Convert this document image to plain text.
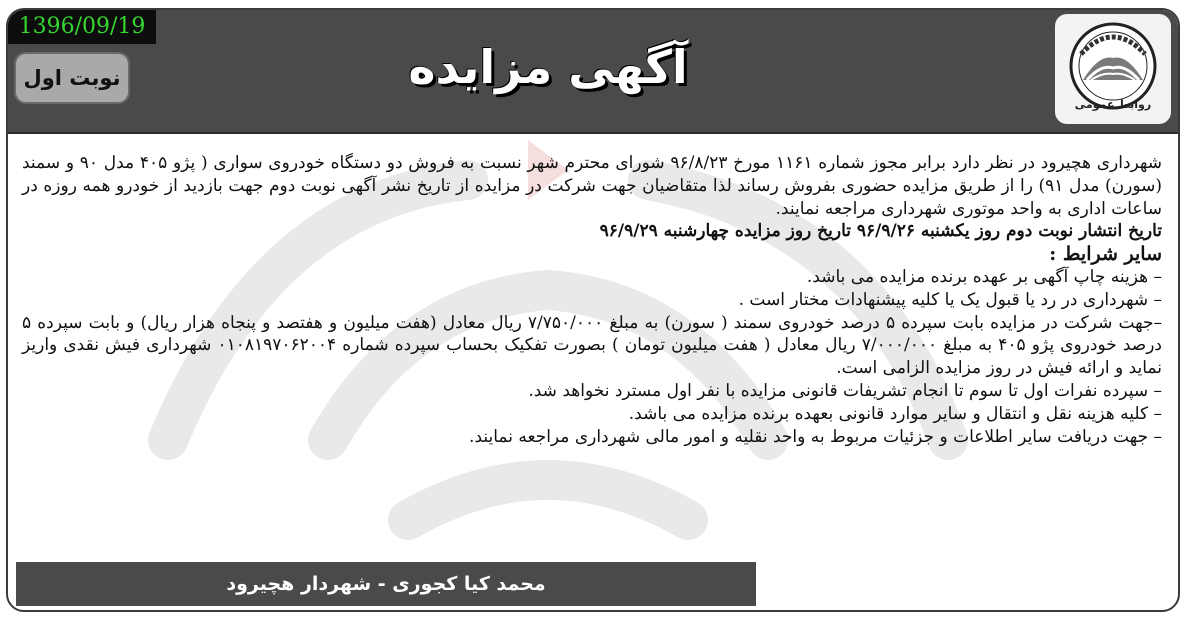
1396/09/19
نوبت اول	آگهی مزایده
روابط عمومی

شهرداری هچیرود در نظر دارد برابر مجوز شماره ۱۱۶۱ مورخ ۹۶/۸/۲۳ شورای محترم شهر نسبت به فروش دو دستگاه خودروی سواری ( پژو ۴۰۵ مدل ۹۰ و سمند (سورن) مدل ۹۱) را از طریق مزایده حضوری بفروش رساند لذا متقاضیان جهت شرکت در مزایده از تاریخ نشر آگهی نوبت دوم جهت بازدید از خودرو همه روزه در ساعات اداری به واحد موتوری شهرداری مراجعه نمایند.

تاریخ انتشار نوبت دوم روز یکشنبه ۹۶/۹/۲۶ تاریخ روز مزایده چهارشنبه ۹۶/۹/۲۹

سایر شرایط :

– هزینه چاپ آگهی بر عهده برنده مزایده می باشد.

– شهرداری در رد یا قبول یک یا کلیه پیشنهادات مختار است .

–جهت شرکت در مزایده بابت سپرده ۵ درصد خودروی سمند ( سورن) به مبلغ ۷/۷۵۰/۰۰۰ ریال معادل (هفت میلیون و هفتصد و پنجاه هزار ریال) و بابت سپرده ۵ درصد خودروی پژو ۴۰۵ به مبلغ ۷/۰۰۰/۰۰۰ ریال معادل ( هفت میلیون تومان ) بصورت تفکیک بحساب سپرده شماره ۰۱۰۸۱۹۷۰۶۲۰۰۴ شهرداری فیش نقدی واریز نماید و ارائه فیش در روز مزایده الزامی است.

– سپرده نفرات اول تا سوم تا انجام تشریفات قانونی مزایده با نفر اول مسترد نخواهد شد.

– کلیه هزینه نقل و انتقال و سایر موارد قانونی بعهده برنده مزایده می باشد.

– جهت دریافت سایر اطلاعات و جزئیات مربوط به واحد نقلیه و امور مالی شهرداری مراجعه نمایند.

محمد کیا کجوری - شهردار هچیرود
